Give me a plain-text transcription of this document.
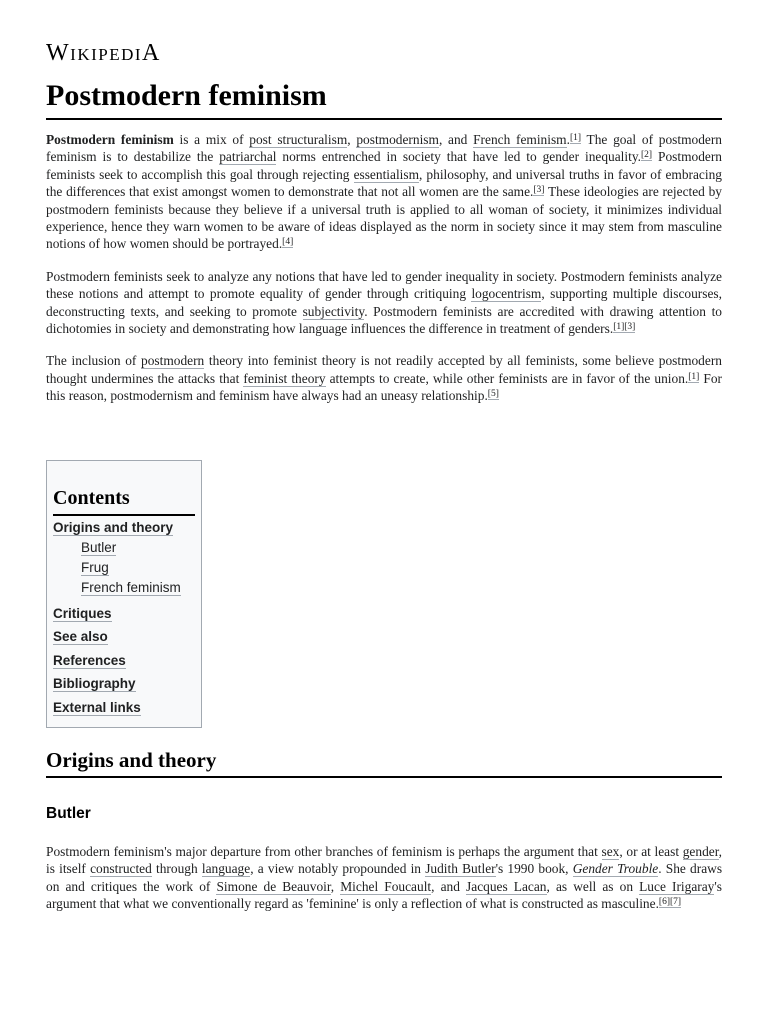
WIKIPEDIA
Postmodern feminism

Postmodern feminism is a mix of post structuralism, postmodernism, and French feminism.[1] The goal of postmodern feminism is to destabilize the patriarchal norms entrenched in society that have led to gender inequality.[2] Postmodern feminists seek to accomplish this goal through rejecting essentialism, philosophy, and universal truths in favor of embracing the differences that exist amongst women to demonstrate that not all women are the same.[3] These ideologies are rejected by postmodern feminists because they believe if a universal truth is applied to all woman of society, it minimizes individual experience, hence they warn women to be aware of ideas displayed as the norm in society since it may stem from masculine notions of how women should be portrayed.[4]

Postmodern feminists seek to analyze any notions that have led to gender inequality in society. Postmodern feminists analyze these notions and attempt to promote equality of gender through critiquing logocentrism, supporting multiple discourses, deconstructing texts, and seeking to promote subjectivity. Postmodern feminists are accredited with drawing attention to dichotomies in society and demonstrating how language influences the difference in treatment of genders.[1][3]

The inclusion of postmodern theory into feminist theory is not readily accepted by all feminists, some believe postmodern thought undermines the attacks that feminist theory attempts to create, while other feminists are in favor of the union.[1] For this reason, postmodernism and feminism have always had an uneasy relationship.[5]

Contents
Origins and theory
Butler
Frug
French feminism
Critiques
See also
References
Bibliography
External links
Origins and theory
Butler

Postmodern feminism's major departure from other branches of feminism is perhaps the argument that sex, or at least gender, is itself constructed through language, a view notably propounded in Judith Butler's 1990 book, Gender Trouble. She draws on and critiques the work of Simone de Beauvoir, Michel Foucault, and Jacques Lacan, as well as on Luce Irigaray's argument that what we conventionally regard as 'feminine' is only a reflection of what is constructed as masculine.[6][7]
